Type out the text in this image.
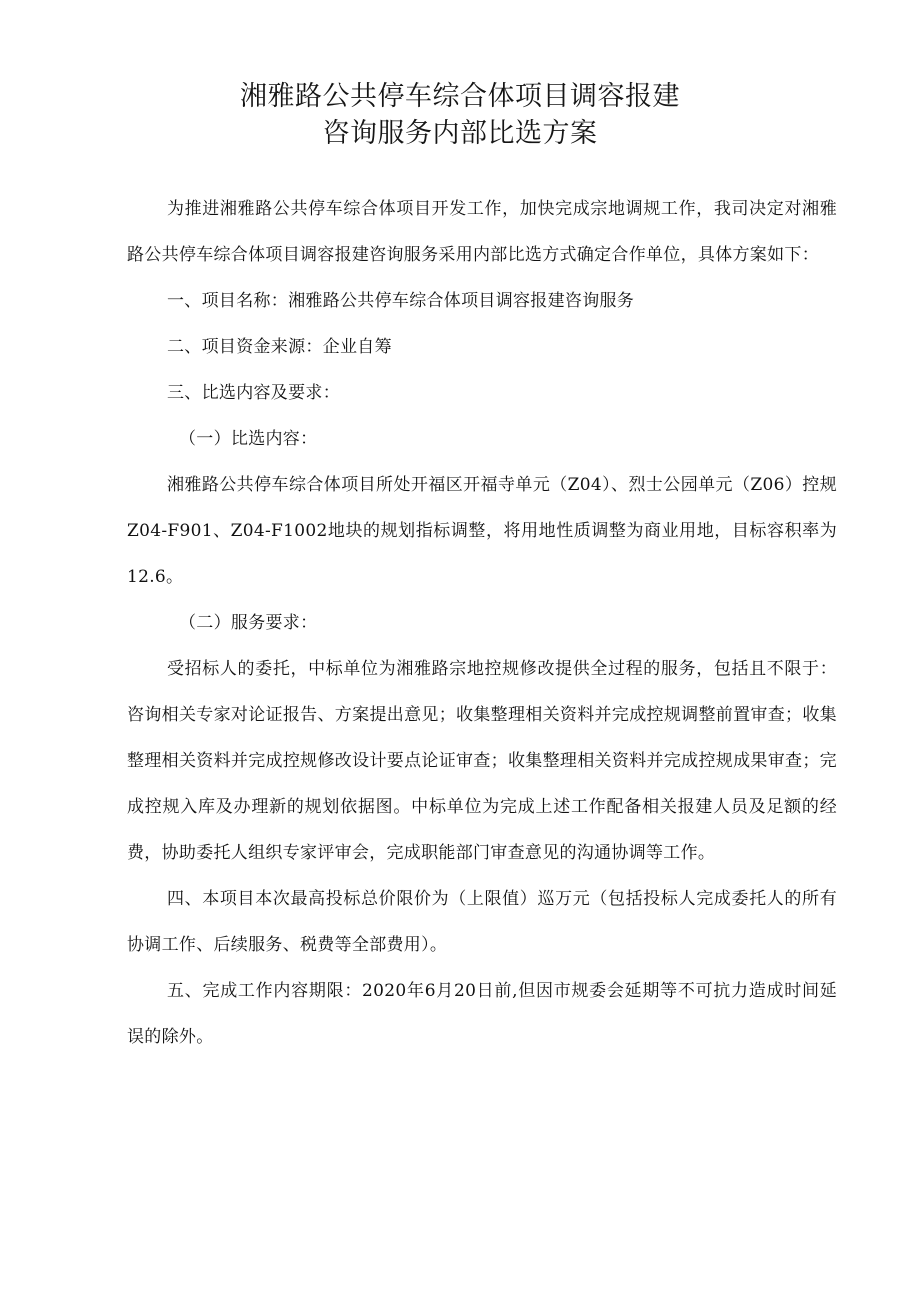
湘雅路公共停车综合体项目调容报建
咨询服务内部比选方案

为推进湘雅路公共停车综合体项目开发工作，加快完成宗地调规工作，我司决定对湘雅路公共停车综合体项目调容报建咨询服务采用内部比选方式确定合作单位，具体方案如下：

一、项目名称：湘雅路公共停车综合体项目调容报建咨询服务

二、项目资金来源：企业自筹

三、比选内容及要求：

（一）比选内容：

湘雅路公共停车综合体项目所处开福区开福寺单元（Z04）、烈士公园单元（Z06）控规Z04-F901、Z04-F1002地块的规划指标调整，将用地性质调整为商业用地，目标容积率为12.6。

（二）服务要求：

受招标人的委托，中标单位为湘雅路宗地控规修改提供全过程的服务，包括且不限于：咨询相关专家对论证报告、方案提出意见；收集整理相关资料并完成控规调整前置审查；收集整理相关资料并完成控规修改设计要点论证审查；收集整理相关资料并完成控规成果审查；完成控规入库及办理新的规划依据图。中标单位为完成上述工作配备相关报建人员及足额的经费，协助委托人组织专家评审会，完成职能部门审查意见的沟通协调等工作。

四、本项目本次最高投标总价限价为（上限值）巡万元（包括投标人完成委托人的所有协调工作、后续服务、税费等全部费用）。

五、完成工作内容期限：2020年6月20日前,但因市规委会延期等不可抗力造成时间延误的除外。
